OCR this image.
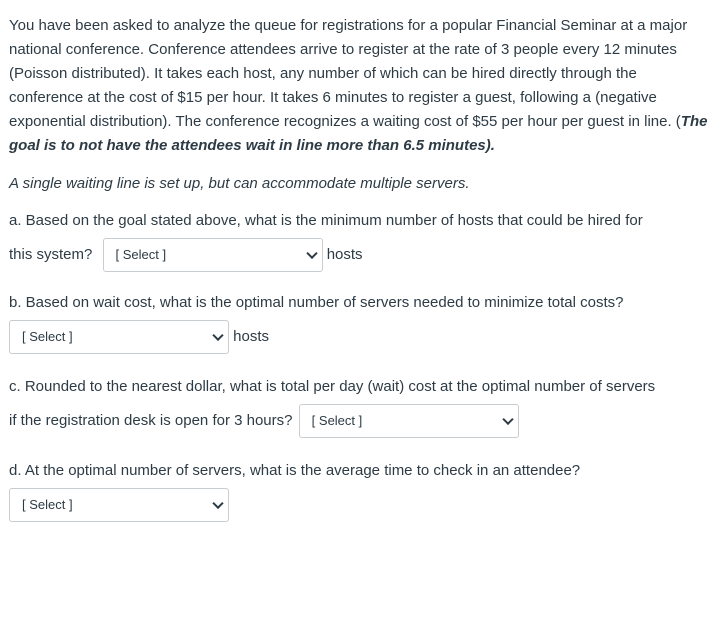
You have been asked to analyze the queue for registrations for a popular Financial Seminar at a major national conference. Conference attendees arrive to register at the rate of 3 people every 12 minutes (Poisson distributed). It takes each host, any number of which can be hired directly through the conference at the cost of $15 per hour. It takes 6 minutes to register a guest, following a (negative exponential distribution). The conference recognizes a waiting cost of $55 per hour per guest in line. (The goal is to not have the attendees wait in line more than 6.5 minutes).

A single waiting line is set up, but can accommodate multiple servers.

a. Based on the goal stated above, what is the minimum number of hosts that could be hired for
this system? [ Select ]	hosts
b. Based on wait cost, what is the optimal number of servers needed to minimize total costs?
[ Select ]	hosts
c. Rounded to the nearest dollar, what is total per day (wait) cost at the optimal number of servers
if the registration desk is open for 3 hours? [ Select ]
d. At the optimal number of servers, what is the average time to check in an attendee?
[ Select ]
